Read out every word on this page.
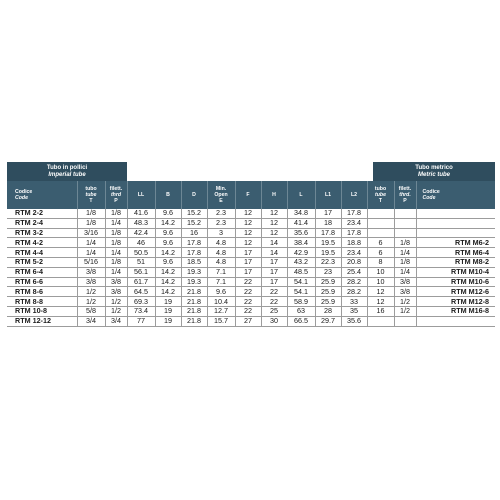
Tubo in pollici
Imperial tube
Tubo metrico
Metric tube
Codice
Code	tubo
tube
T	filett.
thrd
P	LL	B	D	Min.
Open
E	F	H	L	L1	L2	tubo
tube
T	filett.
thrd.
P	Codice
Code

RTM 2-2	1/8	1/8	41.6	9.6	15.2	2.3	12	12	34.8	17	17.8			
RTM 2-4	1/8	1/4	48.3	14.2	15.2	2.3	12	12	41.4	18	23.4			
RTM 3-2	3/16	1/8	42.4	9.6	16	3	12	12	35.6	17.8	17.8			
RTM 4-2	1/4	1/8	46	9.6	17.8	4.8	12	14	38.4	19.5	18.8	6	1/8	RTM M6-2
RTM 4-4	1/4	1/4	50.5	14.2	17.8	4.8	17	14	42.9	19.5	23.4	6	1/4	RTM M6-4
RTM 5-2	5/16	1/8	51	9.6	18.5	4.8	17	17	43.2	22.3	20.8	8	1/8	RTM M8-2
RTM 6-4	3/8	1/4	56.1	14.2	19.3	7.1	17	17	48.5	23	25.4	10	1/4	RTM M10-4
RTM 6-6	3/8	3/8	61.7	14.2	19.3	7.1	22	17	54.1	25.9	28.2	10	3/8	RTM M10-6
RTM 8-6	1/2	3/8	64.5	14.2	21.8	9.6	22	22	54.1	25.9	28.2	12	3/8	RTM M12-6
RTM 8-8	1/2	1/2	69.3	19	21.8	10.4	22	22	58.9	25.9	33	12	1/2	RTM M12-8
RTM 10-8	5/8	1/2	73.4	19	21.8	12.7	22	25	63	28	35	16	1/2	RTM M16-8
RTM 12-12	3/4	3/4	77	19	21.8	15.7	27	30	66.5	29.7	35.6			
